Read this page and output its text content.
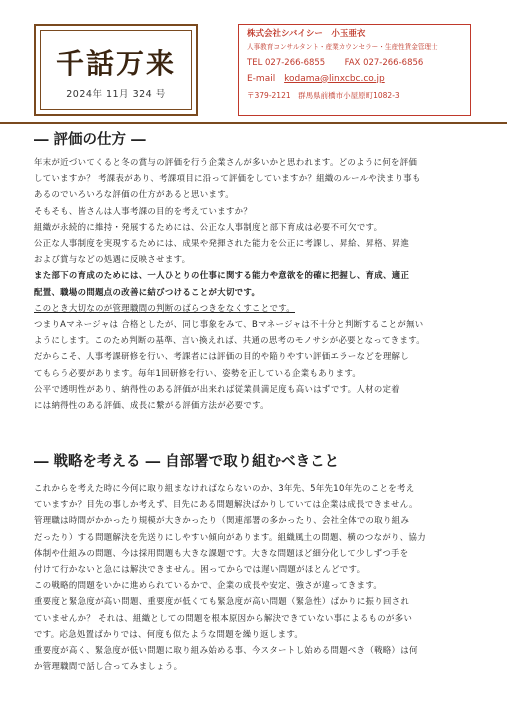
千話万来
2024年 11月 324 号
株式会社シバイシー　小玉亜衣
人事教育コンサルタント・産業カウンセラー・生産性賃金管理士
TEL 027-266-6855 FAX 027-266-6856
E-mail kodama@linxcbc.co.jp
〒379-2121　群馬県前橋市小屋原町1082-3
― 評価の仕方 ―

年末が近づいてくると冬の賞与の評価を行う企業さんが多いかと思われます。どのように何を評価

していますか？ 考課表があり、考課項目に沿って評価をしていますか？組織のルールや決まり事も

あるのでいろいろな評価の仕方があると思います。

そもそも、皆さんは人事考課の目的を考えていますか？

組織が永続的に維持・発展するためには、公正な人事制度と部下育成は必要不可欠です。

公正な人事制度を実現するためには、成果や発揮された能力を公正に考課し、昇給、昇格、昇進

および賞与などの処遇に反映させます。

また部下の育成のためには、一人ひとりの仕事に関する能力や意欲を的確に把握し、育成、適正

配置、職場の問題点の改善に結びつけることが大切です。

このとき大切なのが管理職間の判断のばらつきをなくすことです。

つまりAマネージャは 合格としたが、同じ事象をみて、Bマネージャは不十分と判断することが無い

ようにします。このため判断の基準、言い換えれば、共通の思考のモノサシが必要となってきます。

だからこそ、人事考課研修を行い、考課者には評価の目的や陥りやすい評価エラーなどを理解し

てもらう必要があります。毎年1回研修を行い、姿勢を正している企業もあります。

公平で透明性があり、納得性のある評価が出来れば従業員満足度も高いはずです。人材の定着

には納得性のある評価、成長に繋がる評価方法が必要です。

― 戦略を考える ― 自部署で取り組むべきこと

これからを考えた時に今何に取り組まなければならないのか、3年先、5年先10年先のことを考え

ていますか？目先の事しか考えず、目先にある問題解決ばかりしていては企業は成長できません。

管理職は時間がかかったり規模が大きかったり（関連部署の多かったり、会社全体での取り組み

だったり）する問題解決を先送りにしやすい傾向があります。組織風土の問題、横のつながり、協力

体制や仕組みの問題、今は採用問題も大きな課題です。大きな問題ほど細分化して少しずつ手を

付けて行かないと急には解決できません。困ってからでは遅い問題がほとんどです。

この戦略的問題をいかに進められているかで、企業の成長や安定、強さが違ってきます。

重要度と緊急度が高い問題、重要度が低くても緊急度が高い問題（緊急性）ばかりに振り回され

ていませんか？ それは、組織としての問題を根本原因から解決できていない事によるものが多い

です。応急処置ばかりでは、何度も似たような問題を繰り返します。

重要度が高く、緊急度が低い問題に取り組み始める事、今スタートし始める問題べき（戦略）は何

か管理職間で話し合ってみましょう。
